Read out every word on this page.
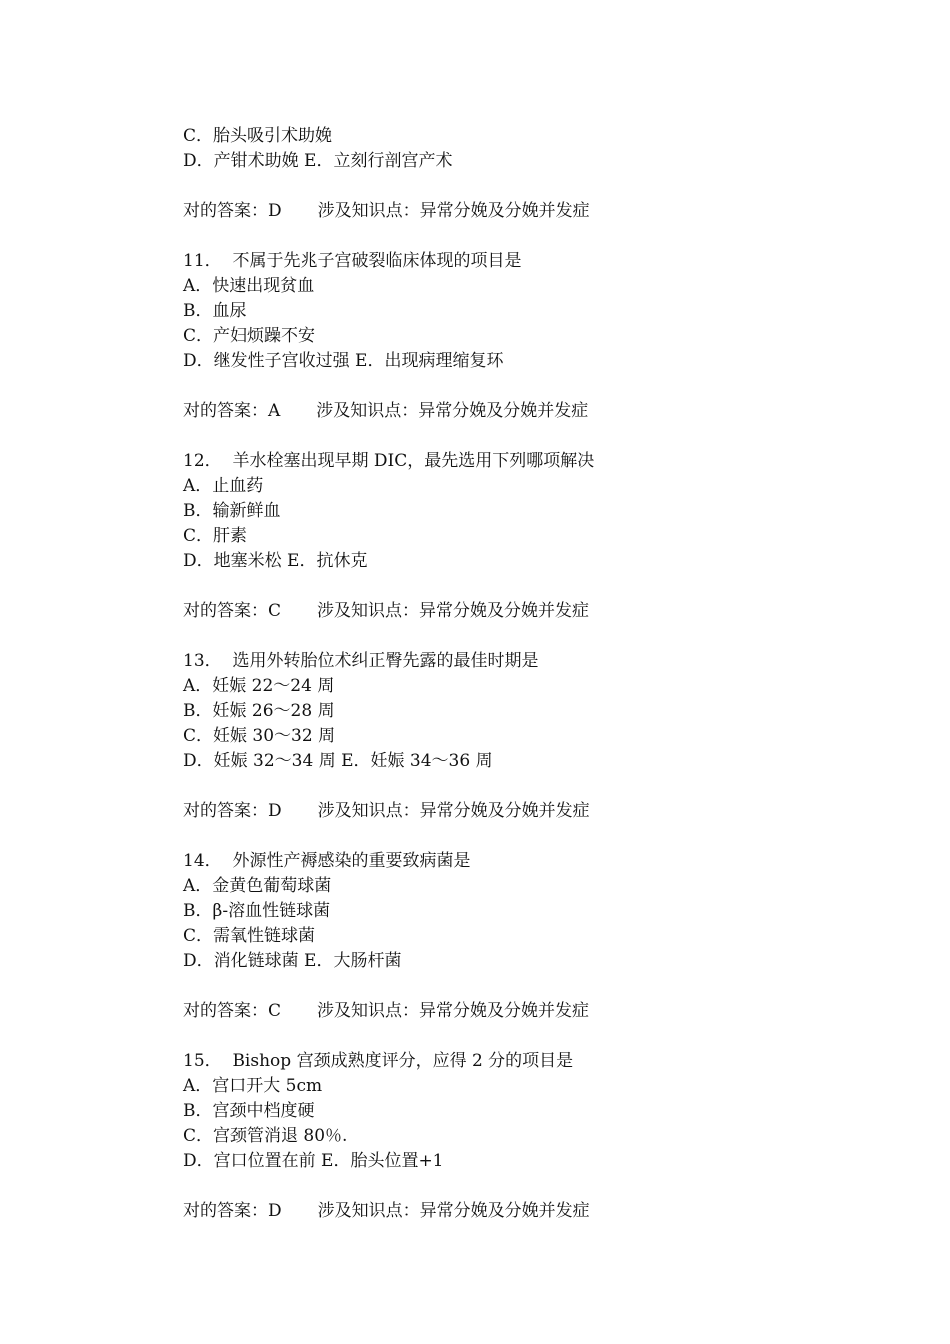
C．胎头吸引术助娩
D．产钳术助娩 E．立刻行剖宫产术
对的答案：D 涉及知识点：异常分娩及分娩并发症
11．  不属于先兆子宫破裂临床体现的项目是
A．快速出现贫血
B．血尿
C．产妇烦躁不安
D．继发性子宫收过强 E．出现病理缩复环
对的答案：A 涉及知识点：异常分娩及分娩并发症
12．  羊水栓塞出现早期 DIC，最先选用下列哪项解决
A．止血药
B．输新鲜血
C．肝素
D．地塞米松 E．抗休克
对的答案：C 涉及知识点：异常分娩及分娩并发症
13．  选用外转胎位术纠正臀先露的最佳时期是
A．妊娠 22～24 周
B．妊娠 26～28 周
C．妊娠 30～32 周
D．妊娠 32～34 周 E．妊娠 34～36 周
对的答案：D 涉及知识点：异常分娩及分娩并发症
14．  外源性产褥感染的重要致病菌是
A．金黄色葡萄球菌
B．β-溶血性链球菌
C．需氧性链球菌
D．消化链球菌 E．大肠杆菌
对的答案：C 涉及知识点：异常分娩及分娩并发症
15．  Bishop 宫颈成熟度评分，应得 2 分的项目是
A．宫口开大 5cm
B．宫颈中档度硬
C．宫颈管消退 80％.
D．宫口位置在前 E．胎头位置+1
对的答案：D 涉及知识点：异常分娩及分娩并发症
